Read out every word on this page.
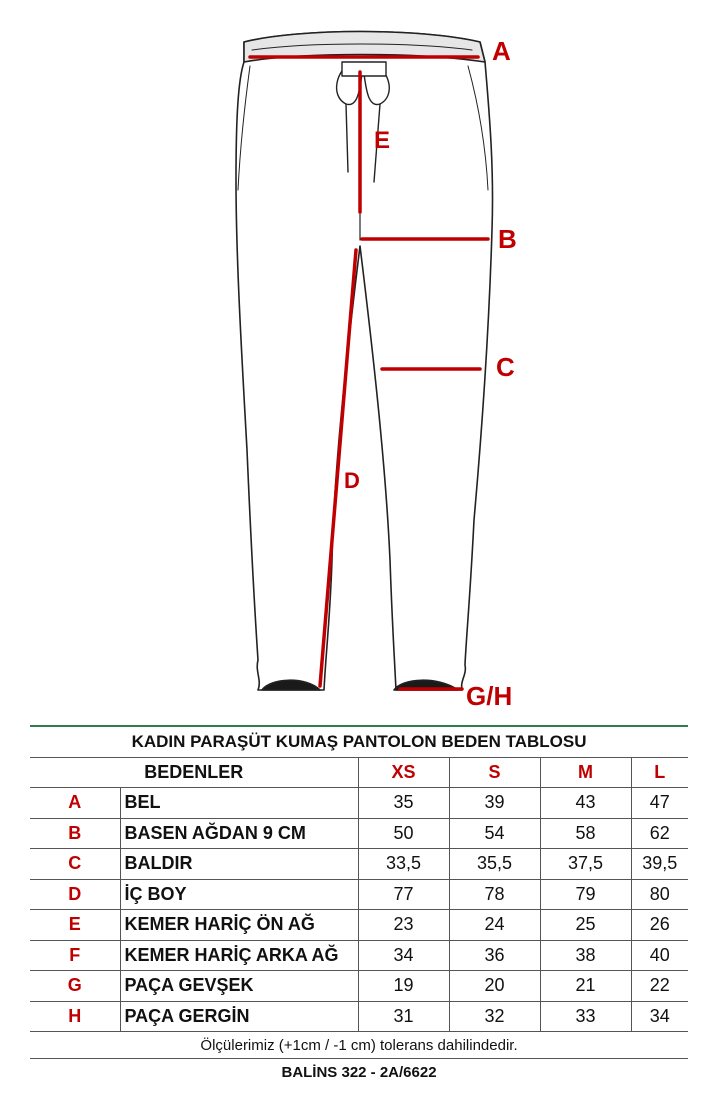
A
E
B
C
D
G/H
KADIN PARAŞÜT KUMAŞ PANTOLON BEDEN TABLOSU					
BEDENLER		XS	S	M	L
A	BEL	35	39	43	47
B	BASEN AĞDAN 9 CM	50	54	58	62
C	BALDIR	33,5	35,5	37,5	39,5
D	İÇ BOY	77	78	79	80
E	KEMER HARİÇ ÖN AĞ	23	24	25	26
F	KEMER HARİÇ ARKA AĞ	34	36	38	40
G	PAÇA GEVŞEK	19	20	21	22
H	PAÇA GERGİN	31	32	33	34
Ölçülerimiz (+1cm / -1 cm) tolerans dahilindedir.					
BALİNS 322 - 2A/6622					
